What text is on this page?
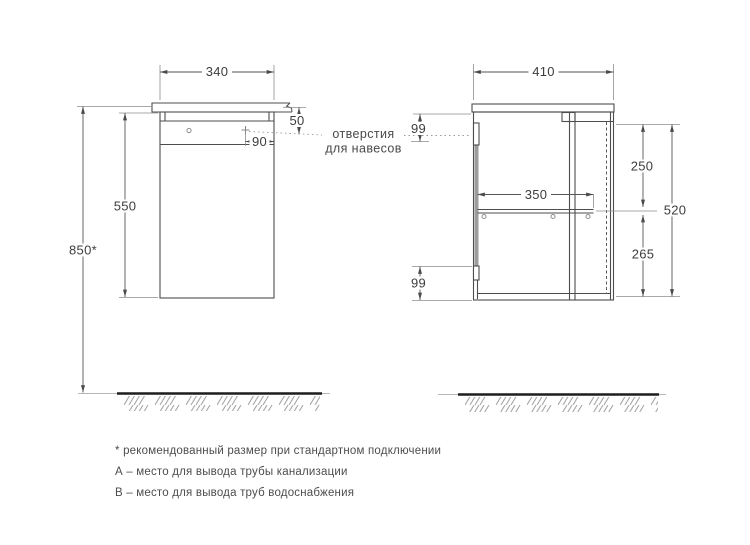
340
550
850*
50
90	отверстия
для навесов
410
99
99
350
250
265
520
* рекомендованный размер при стандартном подключении
А – место для вывода трубы канализации
В – место для вывода труб водоснабжения
